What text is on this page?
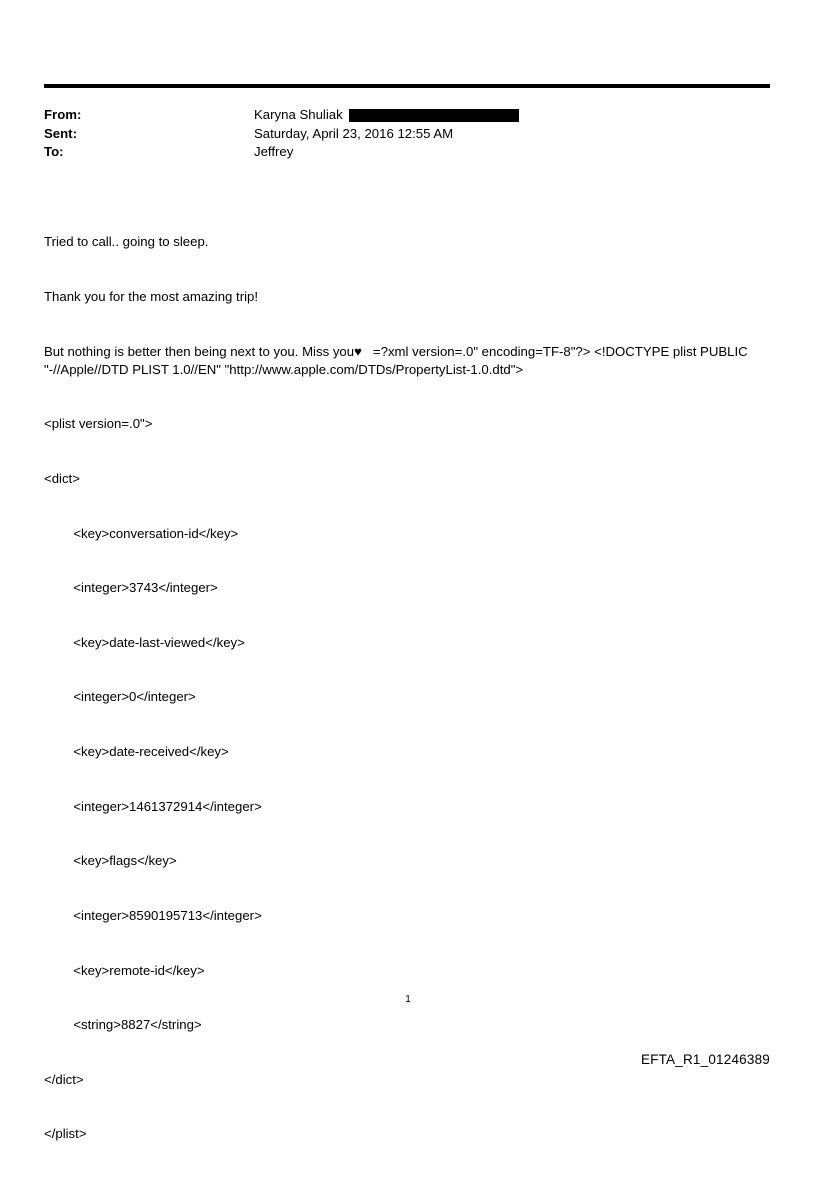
From:	Karyna Shuliak
Sent:	Saturday, April 23, 2016 12:55 AM
To:	Jeffrey

Tried to call.. going to sleep.

Thank you for the most amazing trip!

But nothing is better then being next to you. Miss you♥   =?xml version=.0" encoding=TF-8"?> <!DOCTYPE plist PUBLIC "-//Apple//DTD PLIST 1.0//EN" "http://www.apple.com/DTDs/PropertyList-1.0.dtd">

<plist version=.0">

<dict>

	<key>conversation-id</key>

	<integer>3743</integer>

	<key>date-last-viewed</key>

	<integer>0</integer>

	<key>date-received</key>

	<integer>1461372914</integer>

	<key>flags</key>

	<integer>8590195713</integer>

	<key>remote-id</key>

	<string>8827</string>

</dict>

</plist>

1
EFTA_R1_01246389
